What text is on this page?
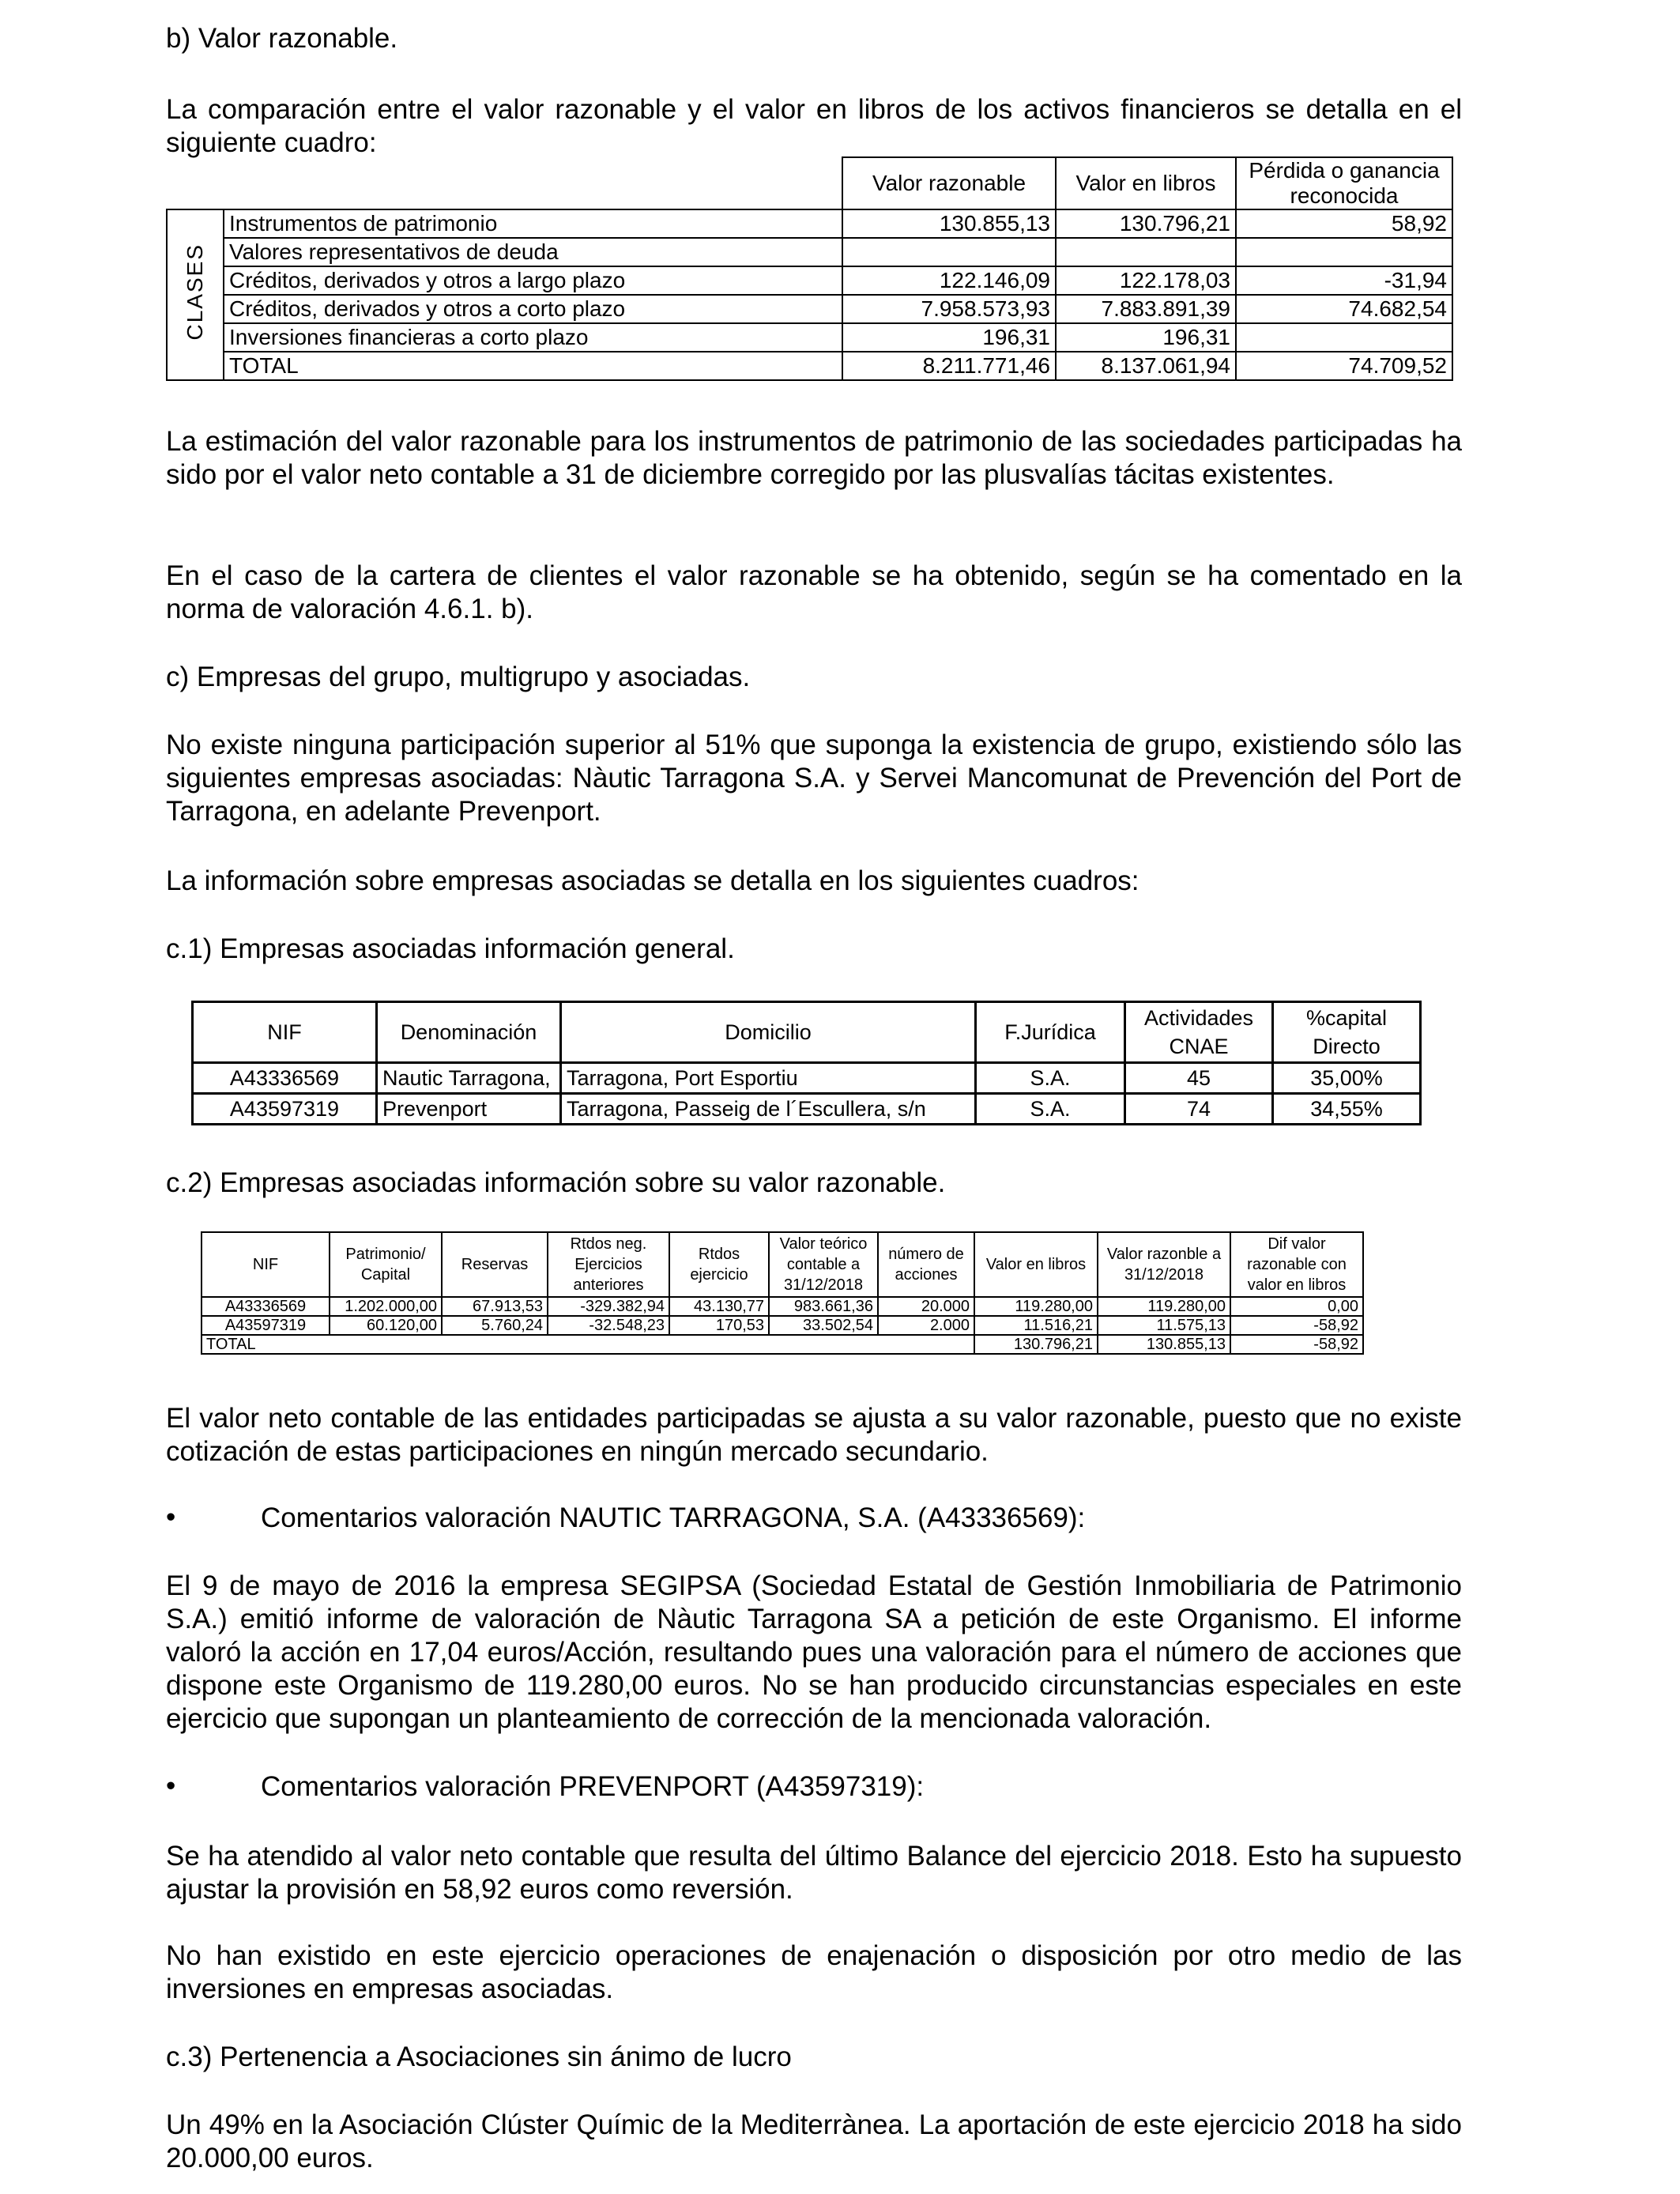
b) Valor razonable.

La comparación entre el valor razonable y el valor en libros de los activos financieros se detalla en el siguiente cuadro:

		Valor razonable	Valor en libros	Pérdida o ganancia reconocida
CLASES	Instrumentos de patrimonio	130.855,13	130.796,21	58,92
	Valores representativos de deuda			
	Créditos, derivados y otros a largo plazo	122.146,09	122.178,03	-31,94
	Créditos, derivados y otros a corto plazo	7.958.573,93	7.883.891,39	74.682,54
	Inversiones financieras a corto plazo	196,31	196,31	
	TOTAL	8.211.771,46	8.137.061,94	74.709,52

La estimación del valor razonable para los instrumentos de patrimonio de las sociedades participadas ha sido por el valor neto contable a 31 de diciembre corregido por las plusvalías tácitas existentes.

En el caso de la cartera de clientes el valor razonable se ha obtenido, según se ha comentado en la norma de valoración 4.6.1. b).

c) Empresas del grupo, multigrupo y asociadas.

No existe ninguna participación superior al 51% que suponga la existencia de grupo, existiendo sólo las siguientes empresas asociadas: Nàutic Tarragona S.A. y Servei Mancomunat de Prevención del Port de Tarragona, en adelante Prevenport.

La información sobre empresas asociadas se detalla en los siguientes cuadros:

c.1) Empresas asociadas información general.

NIF	Denominación	Domicilio	F.Jurídica	Actividades CNAE	%capital Directo
A43336569	Nautic Tarragona,	Tarragona, Port Esportiu	S.A.	45	35,00%
A43597319	Prevenport	Tarragona, Passeig de l´Escullera, s/n	S.A.	74	34,55%

c.2) Empresas asociadas información sobre su valor razonable.

NIF	Patrimonio/ Capital	Reservas	Rtdos neg. Ejercicios anteriores	Rtdos ejercicio	Valor teórico contable a 31/12/2018	número de acciones	Valor en libros	Valor razonble a 31/12/2018	Dif valor razonable con valor en libros
A43336569	1.202.000,00	67.913,53	-329.382,94	43.130,77	983.661,36	20.000	119.280,00	119.280,00	0,00
A43597319	60.120,00	5.760,24	-32.548,23	170,53	33.502,54	2.000	11.516,21	11.575,13	-58,92
TOTAL							130.796,21	130.855,13	-58,92

El valor neto contable de las entidades participadas se ajusta a su valor razonable, puesto que no existe cotización de estas participaciones en ningún mercado secundario.

•	Comentarios valoración NAUTIC TARRAGONA, S.A. (A43336569):

El 9 de mayo de 2016 la empresa SEGIPSA (Sociedad Estatal de Gestión Inmobiliaria de Patrimonio S.A.) emitió informe de valoración de Nàutic Tarragona SA a petición de este Organismo. El informe valoró la acción en 17,04 euros/Acción, resultando pues una valoración para el número de acciones que dispone este Organismo de 119.280,00 euros. No se han producido circunstancias especiales en este ejercicio que supongan un planteamiento de corrección de la mencionada valoración.

•	Comentarios valoración PREVENPORT (A43597319):

Se ha atendido al valor neto contable que resulta del último Balance del ejercicio 2018. Esto ha supuesto ajustar la provisión en 58,92 euros como reversión.

No han existido en este ejercicio operaciones de enajenación o disposición por otro medio de las inversiones en empresas asociadas.

c.3) Pertenencia a Asociaciones sin ánimo de lucro

Un 49% en la Asociación Clúster Químic de la Mediterrànea. La aportación de este ejercicio 2018 ha sido 20.000,00 euros.
